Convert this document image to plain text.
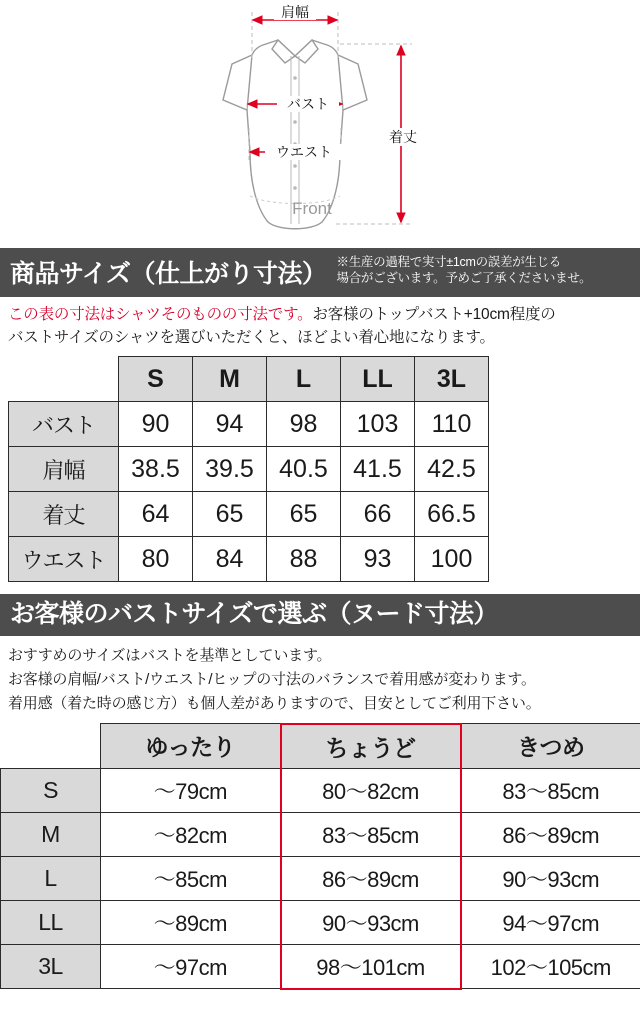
肩幅
バスト
ウエスト
着丈
Front
商品サイズ（仕上がり寸法） ※生産の過程で実寸±1cmの誤差が生じる
場合がございます。予めご了承くださいませ。
この表の寸法はシャツそのものの寸法です。お客様のトップバスト+10cm程度の
バストサイズのシャツを選びいただくと、ほどよい着心地になります。
	S	M	L	LL	3L
バスト	90	94	98	103	110
肩幅	38.5	39.5	40.5	41.5	42.5
着丈	64	65	65	66	66.5
ウエスト	80	84	88	93	100
お客様のバストサイズで選ぶ（ヌード寸法）
おすすめのサイズはバストを基準としています。
お客様の肩幅/バスト/ウエスト/ヒップの寸法のバランスで着用感が変わります。
着用感（着た時の感じ方）も個人差がありますので、目安としてご利用下さい。
	ゆったり	ちょうど	きつめ
S	〜79cm	80〜82cm	83〜85cm
M	〜82cm	83〜85cm	86〜89cm
L	〜85cm	86〜89cm	90〜93cm
LL	〜89cm	90〜93cm	94〜97cm
3L	〜97cm	98〜101cm	102〜105cm
